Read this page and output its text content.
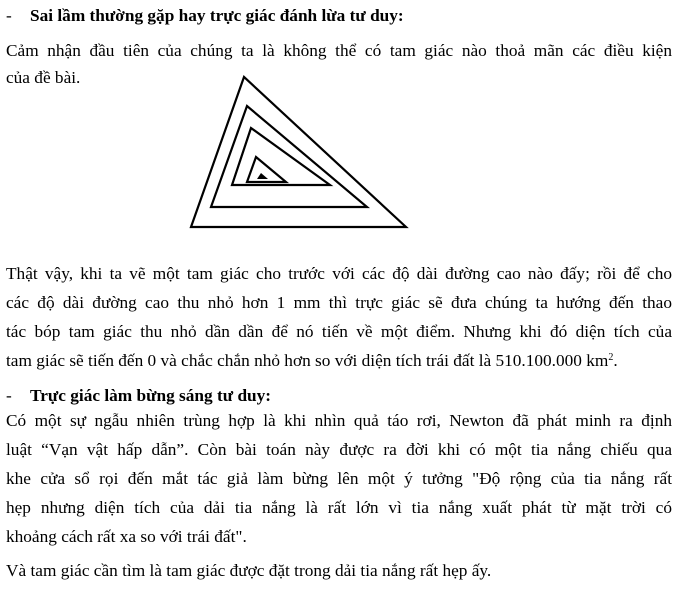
- Sai lầm thường gặp hay trực giác đánh lừa tư duy:
Cảm nhận đầu tiên của chúng ta là không thể có tam giác nào thoả mãn các điều kiện
của đề bài.
Thật vậy, khi ta vẽ một tam giác cho trước với các độ dài đường cao nào đấy; rồi để cho
các độ dài đường cao thu nhỏ hơn 1 mm thì trực giác sẽ đưa chúng ta hướng đến thao
tác bóp tam giác thu nhỏ dần dần để nó tiến về một điểm. Nhưng khi đó diện tích của
tam giác sẽ tiến đến 0 và chắc chắn nhỏ hơn so với diện tích trái đất là 510.100.000 $km^2$.
- Trực giác làm bừng sáng tư duy:
Có một sự ngẫu nhiên trùng hợp là khi nhìn quả táo rơi, Newton đã phát minh ra định
luật “Vạn vật hấp dẫn”. Còn bài toán này được ra đời khi có một tia nắng chiếu qua
khe cửa sổ rọi đến mắt tác giả làm bừng lên một ý tưởng "Độ rộng của tia nắng rất
hẹp nhưng diện tích của dải tia nắng là rất lớn vì tia nắng xuất phát từ mặt trời có
khoảng cách rất xa so với trái đất".
Và tam giác cần tìm là tam giác được đặt trong dải tia nắng rất hẹp ấy.
